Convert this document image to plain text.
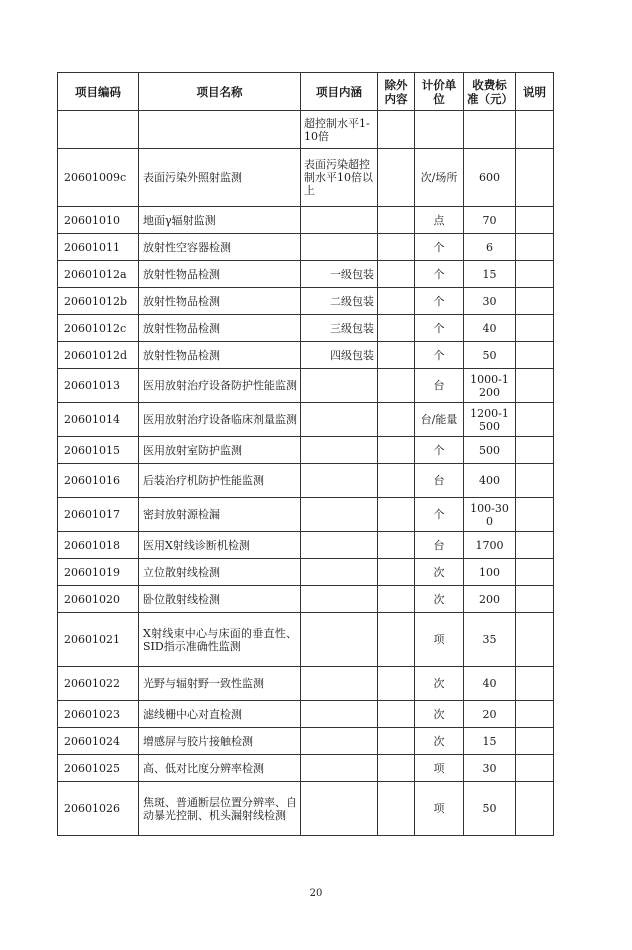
项目编码	项目名称	项目内涵	除外内容	计价单位	收费标准（元）	说明
		超控制水平1-10倍				
20601009c	表面污染外照射监测	表面污染超控制水平10倍以上		次/场所	600	
20601010	地面γ辐射监测			点	70	
20601011	放射性空容器检测			个	6	
20601012a	放射性物品检测	一级包装		个	15	
20601012b	放射性物品检测	二级包装		个	30	
20601012c	放射性物品检测	三级包装		个	40	
20601012d	放射性物品检测	四级包装		个	50	
20601013	医用放射治疗设备防护性能监测			台	1000-1200	
20601014	医用放射治疗设备临床剂量监测			台/能量	1200-1500	
20601015	医用放射室防护监测			个	500	
20601016	后装治疗机防护性能监测			台	400	
20601017	密封放射源检漏			个	100-300	
20601018	医用X射线诊断机检测			台	1700	
20601019	立位散射线检测			次	100	
20601020	卧位散射线检测			次	200	
20601021	X射线束中心与床面的垂直性、SID指示准确性监测			项	35	
20601022	光野与辐射野一致性监测			次	40	
20601023	滤线栅中心对直检测			次	20	
20601024	增感屏与胶片接触检测			次	15	
20601025	高、低对比度分辨率检测			项	30	
20601026	焦斑、普通断层位置分辨率、自动暴光控制、机头漏射线检测			项	50	
20
